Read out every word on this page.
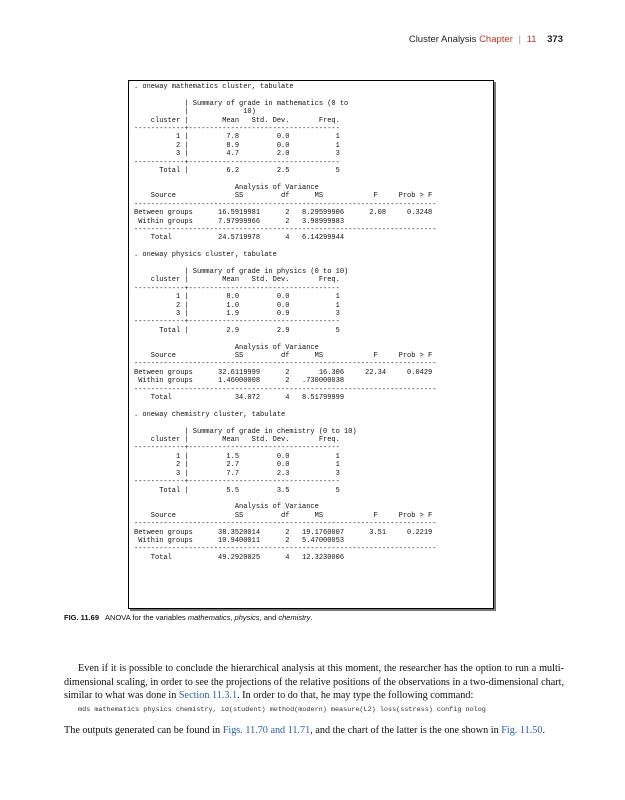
Cluster Analysis Chapter | 11 373
. oneway mathematics cluster, tabulate

| Summary of grade in mathematics (0 to
|             10)
cluster |        Mean   Std. Dev.       Freq.
------------+------------------------------------
1 |         7.8         0.0           1
2 |         8.9         0.0           1
3 |         4.7         2.0           3
------------+------------------------------------
Total |         6.2         2.5           5

Analysis of Variance
Source              SS         df      MS            F     Prob > F
------------------------------------------------------------------------
Between groups      16.5919981      2   8.29599906      2.08     0.3248
Within groups      7.97999966      2   3.98999983
------------------------------------------------------------------------
Total           24.5719978      4   6.14299944

. oneway physics cluster, tabulate

| Summary of grade in physics (0 to 10)
cluster |        Mean   Std. Dev.       Freq.
------------+------------------------------------
1 |         8.0         0.0           1
2 |         1.0         0.0           1
3 |         1.9         0.9           3
------------+------------------------------------
Total |         2.9         2.9           5

Analysis of Variance
Source              SS         df      MS            F     Prob > F
------------------------------------------------------------------------
Between groups      32.6119999      2       16.306     22.34     0.0429
Within groups      1.46000008      2   .730000038
------------------------------------------------------------------------
Total               34.072      4   8.51799999

. oneway chemistry cluster, tabulate

| Summary of grade in chemistry (0 to 10)
cluster |        Mean   Std. Dev.       Freq.
------------+------------------------------------
1 |         1.5         0.0           1
2 |         2.7         0.0           1
3 |         7.7         2.3           3
------------+------------------------------------
Total |         5.5         3.5           5

Analysis of Variance
Source              SS         df      MS            F     Prob > F
------------------------------------------------------------------------
Between groups      38.3520014      2   19.1760007      3.51     0.2219
Within groups      10.9400011      2   5.47000053
------------------------------------------------------------------------
Total           49.2920025      4   12.3230006

FIG. 11.69 ANOVA for the variables mathematics, physics, and chemistry.

Even if it is possible to conclude the hierarchical analysis at this moment, the researcher has the option to run a multi-dimensional scaling, in order to see the projections of the relative positions of the observations in a two-dimensional chart, similar to what was done in Section 11.3.1. In order to do that, he may type the following command:

mds mathematics physics chemistry, id(student) method(modern) measure(L2) loss(sstress) config nolog

The outputs generated can be found in Figs. 11.70 and 11.71, and the chart of the latter is the one shown in Fig. 11.50.
